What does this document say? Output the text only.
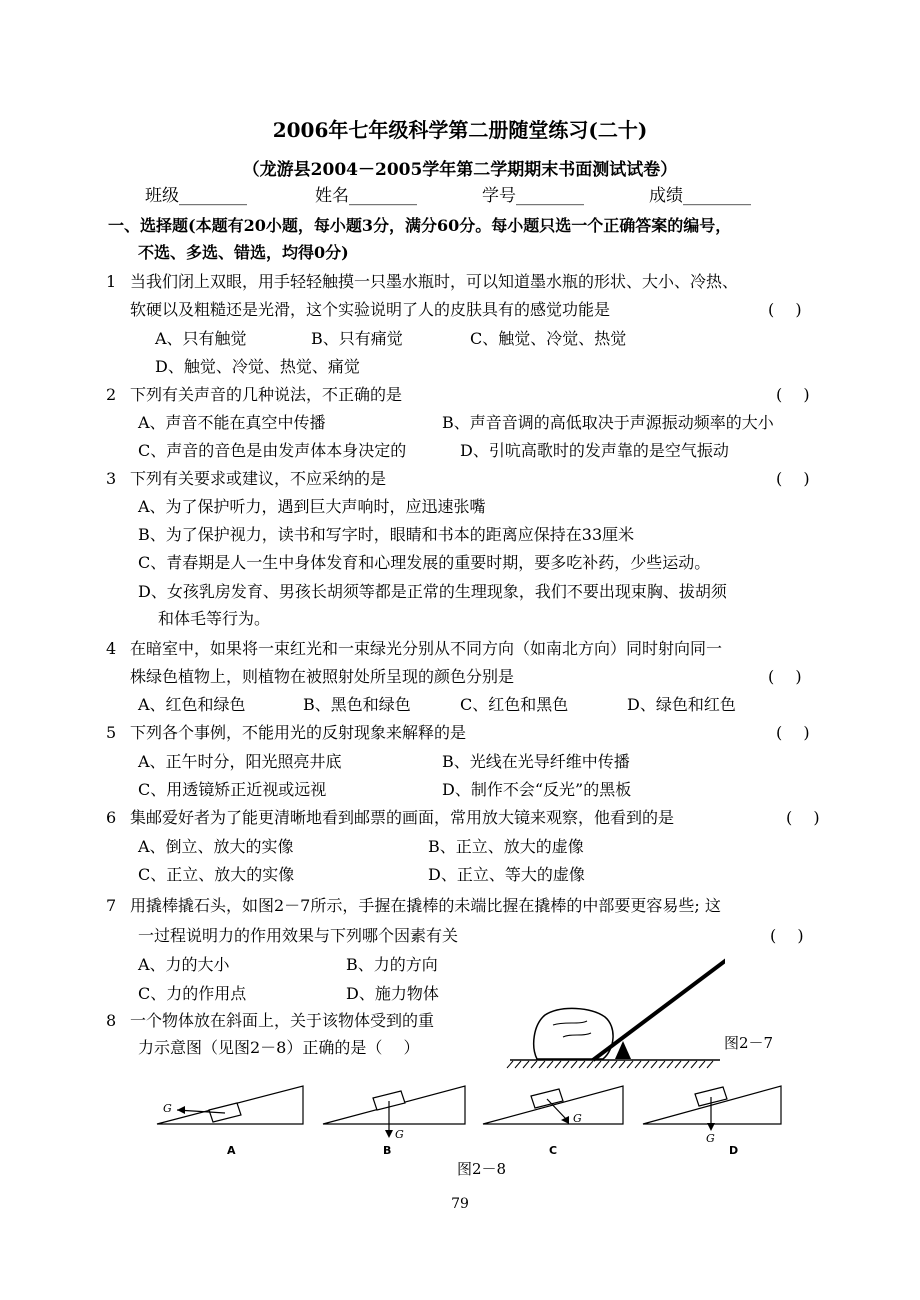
2006年七年级科学第二册随堂练习(二十)
（龙游县2004－2005学年第二学期期末书面测试试卷）
班级________	姓名________	学号________	成绩________
一、选择题(本题有20小题，每小题3分，满分60分。每小题只选一个正确答案的编号，
不选、多选、错选，均得0分)
1 当我们闭上双眼，用手轻轻触摸一只墨水瓶时，可以知道墨水瓶的形状、大小、冷热、
软硬以及粗糙还是光滑，这个实验说明了人的皮肤具有的感觉功能是	(　 )
A、只有触觉	B、只有痛觉	C、触觉、冷觉、热觉
D、触觉、冷觉、热觉、痛觉
2 下列有关声音的几种说法，不正确的是	(　 )
A、声音不能在真空中传播	B、声音音调的高低取决于声源振动频率的大小
C、声音的音色是由发声体本身决定的	D、引吭高歌时的发声靠的是空气振动
3 下列有关要求或建议，不应采纳的是	(　 )
A、为了保护听力，遇到巨大声响时，应迅速张嘴
B、为了保护视力，读书和写字时，眼睛和书本的距离应保持在33厘米
C、青春期是人一生中身体发育和心理发展的重要时期，要多吃补药，少些运动。
D、女孩乳房发育、男孩长胡须等都是正常的生理现象，我们不要出现束胸、拔胡须
和体毛等行为。
4 在暗室中，如果将一束红光和一束绿光分别从不同方向（如南北方向）同时射向同一
株绿色植物上，则植物在被照射处所呈现的颜色分别是	(　 )
A、红色和绿色	B、黑色和绿色	C、红色和黑色	D、绿色和红色
5 下列各个事例，不能用光的反射现象来解释的是	(　 )
A、正午时分，阳光照亮井底	B、光线在光导纤维中传播
C、用透镜矫正近视或远视	D、制作不会“反光”的黑板
6 集邮爱好者为了能更清晰地看到邮票的画面，常用放大镜来观察，他看到的是	(　 )
A、倒立、放大的实像	B、正立、放大的虚像
C、正立、放大的实像	D、正立、等大的虚像
7 用撬棒撬石头，如图2－7所示，手握在撬棒的未端比握在撬棒的中部要更容易些; 这
一过程说明力的作用效果与下列哪个因素有关	(　 )
A、力的大小	B、力的方向
C、力的作用点	D、施力物体
8 一个物体放在斜面上，关于该物体受到的重
力示意图（见图2－8）正确的是（　 ）	图2－7
G
A
G
B
G
C
G
D
图2－8
79
